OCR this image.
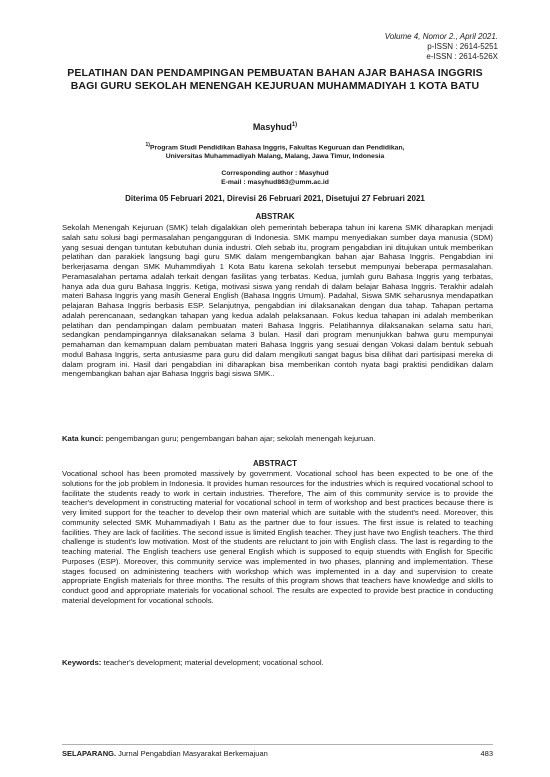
Volume 4, Nomor 2., April 2021.
p-ISSN : 2614-5251
e-ISSN : 2614-526X
PELATIHAN DAN PENDAMPINGAN PEMBUATAN BAHAN AJAR BAHASA INGGRIS BAGI GURU SEKOLAH MENENGAH KEJURUAN MUHAMMADIYAH 1 KOTA BATU
Masyhud$^{1)}$
$^{1)}$Program Studi Pendidikan Bahasa Inggris, Fakultas Keguruan dan Pendidikan,
Universitas Muhammadiyah Malang, Malang, Jawa Timur, Indonesia
Corresponding author : Masyhud
E-mail : masyhud863@umm.ac.id
Diterima 05 Februari 2021, Direvisi 26 Februari 2021, Disetujui 27 Februari 2021
ABSTRAK

Sekolah Menengah Kejuruan (SMK) telah digalakkan oleh pemerintah beberapa tahun ini karena SMK diharapkan menjadi salah satu solusi bagi permasalahan pengangguran di Indonesia. SMK mampu menyediakan sumber daya manusia (SDM) yang sesuai dengan tuntutan kebutuhan dunia industri. Oleh sebab itu, program pengabdian ini ditujukan untuk memberikan pelatihan dan parakiek langsung bagi guru SMK dalam mengembangkan bahan ajar Bahasa Inggris. Pengabdian ini berkerjasama dengan SMK Muhammdiyah 1 Kota Batu karena sekolah tersebut mempunyai beberapa permasalahan. Peramasalahan pertama adalah terkait dengan fasilitas yang terbatas. Kedua, jumlah guru Bahasa Inggris yang terbatas, hanya ada dua guru Bahasa Inggris. Ketiga, motivasi siswa yang rendah di dalam belajar Bahasa Inggris. Terakhir adalah materi Bahasa Inggris yang masih General English (Bahasa Inggris Umum). Padahal, Siswa SMK seharusnya mendapatkan pelajaran Bahasa Inggris berbasis ESP. Selanjutnya, pengabdian ini dilaksanakan dengan dua tahap. Tahapan pertama adalah perencanaan, sedangkan tahapan yang kedua adalah pelaksanaan. Fokus kedua tahapan ini adalah memberikan pelatihan dan pendampingan dalam pembuatan materi Bahasa Inggris. Pelatihannya dilaksanakan selama satu hari, sedangkan pendampingannya dilaksanakan selama 3 bulan. Hasil dari program menunjukkan bahwa guru mempunyai pemahaman dan kemampuan dalam pembuatan materi Bahasa Inggris yang sesuai dengan Vokasi dalam bentuk sebuah modul Bahasa Inggris, serta antusiasme para guru did dalam mengikuti sangat bagus bisa dilihat dari partisipasi mereka di dalam program ini. Hasil dari pengabdian ini diharapkan bisa memberikan contoh nyata bagi praktisi pendidikan dalam mengembangkan bahan ajar Bahasa Inggris bagi siswa SMK..

Kata kunci: pengembangan guru; pengembangan bahan ajar; sekolah menengah kejuruan.
ABSTRACT

Vocational school has been promoted massively by government. Vocational school has been expected to be one of the solutions for the job problem in Indonesia. It provides human resources for the industries which is required vocational school to facilitate the students ready to work in certain industries. Therefore, The aim of this community service is to provide the teacher's development in constructing material for vocational school in term of workshop and best practices because there is very limited support for the teacher to develop their own material which are suitable with the student's need. Moreover, this community selected SMK Muhammadiyah I Batu as the partner due to four issues. The first issue is related to teaching facilities. They are lack of facilities. The second issue is limited English teacher. They just have two English teachers. The third challenge is student's low motivation. Most of the students are reluctant to join with English class. The last is regarding to the teaching material. The English teachers use general English which is supposed to equip stuendts with English for Specific Purposes (ESP). Moreover, this community service was implemented in two phases, planning and implementation. These stages focused on administering teachers with workshop which was implemented in a day and supervision to create appropriate English materials for three months. The results of this program shows that teachers have knowledge and skills to conduct good and appropriate materials for vocational school. The results are expected to provide best practice in conducting material development for vocational schools.

Keywords: teacher's development; material development; vocational school.
SELAPARANG. Jurnal Pengabdian Masyarakat Berkemajuan	483
